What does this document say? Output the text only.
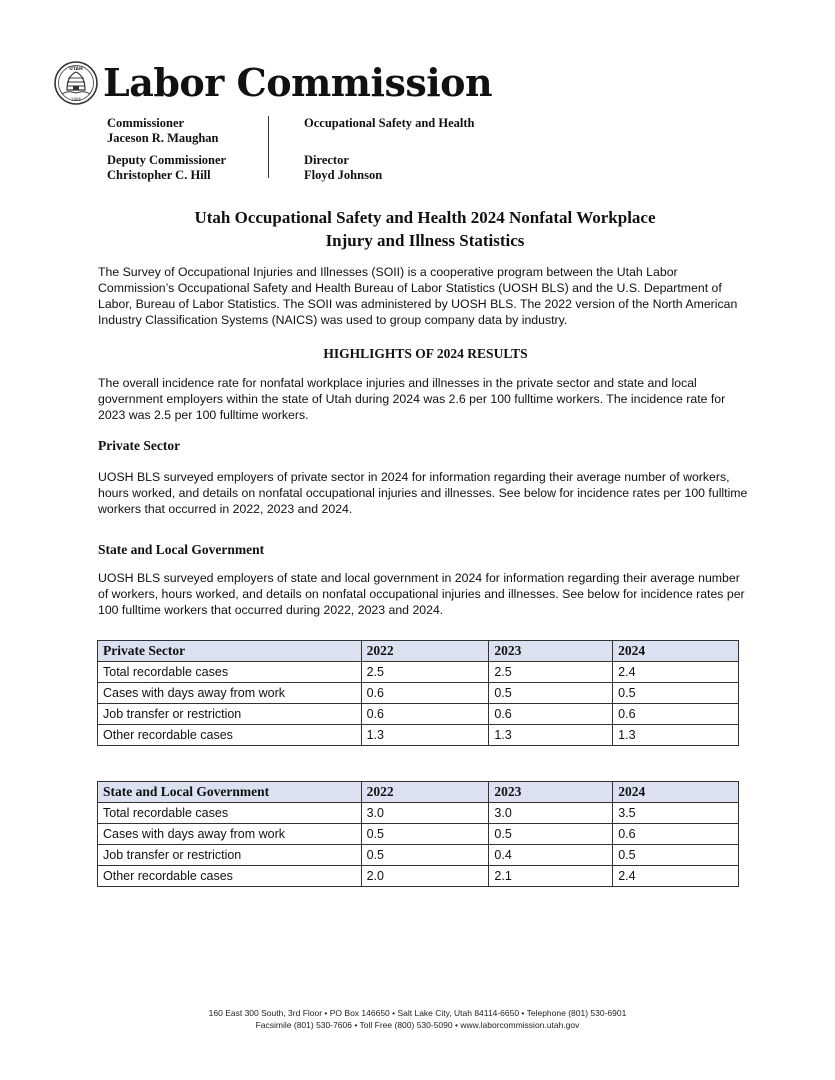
UTAH
1896 Labor Commission
Commissioner
Jaceson R. Maughan
Deputy Commissioner
Christopher C. Hill
Occupational Safety and Health

Director
Floyd Johnson
Utah Occupational Safety and Health 2024 Nonfatal Workplace
Injury and Illness Statistics

The Survey of Occupational Injuries and Illnesses (SOII) is a cooperative program between the Utah Labor Commission’s Occupational Safety and Health Bureau of Labor Statistics (UOSH BLS) and the U.S. Department of Labor, Bureau of Labor Statistics. The SOII was administered by UOSH BLS. The 2022 version of the North American Industry Classification Systems (NAICS) was used to group company data by industry.

HIGHLIGHTS OF 2024 RESULTS

The overall incidence rate for nonfatal workplace injuries and illnesses in the private sector and state and local government employers within the state of Utah during 2024 was 2.6 per 100 fulltime workers. The incidence rate for 2023 was 2.5 per 100 fulltime workers.

Private Sector

UOSH BLS surveyed employers of private sector in 2024 for information regarding their average number of workers, hours worked, and details on nonfatal occupational injuries and illnesses. See below for incidence rates per 100 fulltime workers that occurred in 2022, 2023 and 2024.

State and Local Government

UOSH BLS surveyed employers of state and local government in 2024 for information regarding their average number of workers, hours worked, and details on nonfatal occupational injuries and illnesses. See below for incidence rates per 100 fulltime workers that occurred during 2022, 2023 and 2024.

Private Sector	2022	2023	2024
Total recordable cases	2.5	2.5	2.4
Cases with days away from work	0.6	0.5	0.5
Job transfer or restriction	0.6	0.6	0.6
Other recordable cases	1.3	1.3	1.3
State and Local Government	2022	2023	2024
Total recordable cases	3.0	3.0	3.5
Cases with days away from work	0.5	0.5	0.6
Job transfer or restriction	0.5	0.4	0.5
Other recordable cases	2.0	2.1	2.4

160 East 300 South, 3rd Floor • PO Box 146650 • Salt Lake City, Utah 84114-6650 • Telephone (801) 530-6901

Facsimile (801) 530-7606 • Toll Free (800) 530-5090 • www.laborcommission.utah.gov
